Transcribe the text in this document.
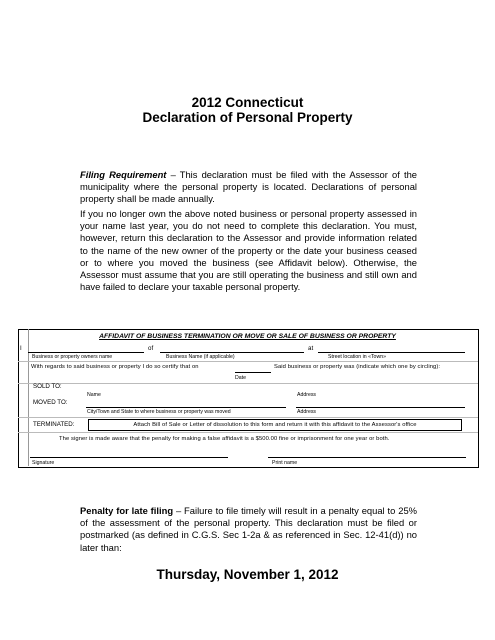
2012 Connecticut
Declaration of Personal Property
Filing Requirement – This declaration must be filed with the Assessor of the municipality where the personal property is located. Declarations of personal property shall be made annually.
If you no longer own the above noted business or personal property assessed in your name last year, you do not need to complete this declaration. You must, however, return this declaration to the Assessor and provide information related to the name of the new owner of the property or the date your business ceased or to where you moved the business (see Affidavit below). Otherwise, the Assessor must assume that you are still operating the business and still own and have failed to declare your taxable personal property.
AFFIDAVIT OF BUSINESS TERMINATION OR MOVE OR SALE OF BUSINESS OR PROPERTY
I	of	at
Business or property owners name	Business Name (if applicable)	Street location in «Town»
With regards to said business or property I do so certify that on	Said business or property was (indicate which one by circling):
Date
SOLD TO:
Name	Address
MOVED TO:
City/Town and State to where business or property was moved	Address
TERMINATED:	Attach Bill of Sale or Letter of dissolution to this form and return it with this affidavit to the Assessor's office
The signer is made aware that the penalty for making a false affidavit is a $500.00 fine or imprisonment for one year or both.
Signature	Print name
Penalty for late filing – Failure to file timely will result in a penalty equal to 25% of the assessment of the personal property. This declaration must be filed or postmarked (as defined in C.G.S. Sec 1-2a & as referenced in Sec. 12-41(d)) no later than:
Thursday, November 1, 2012
